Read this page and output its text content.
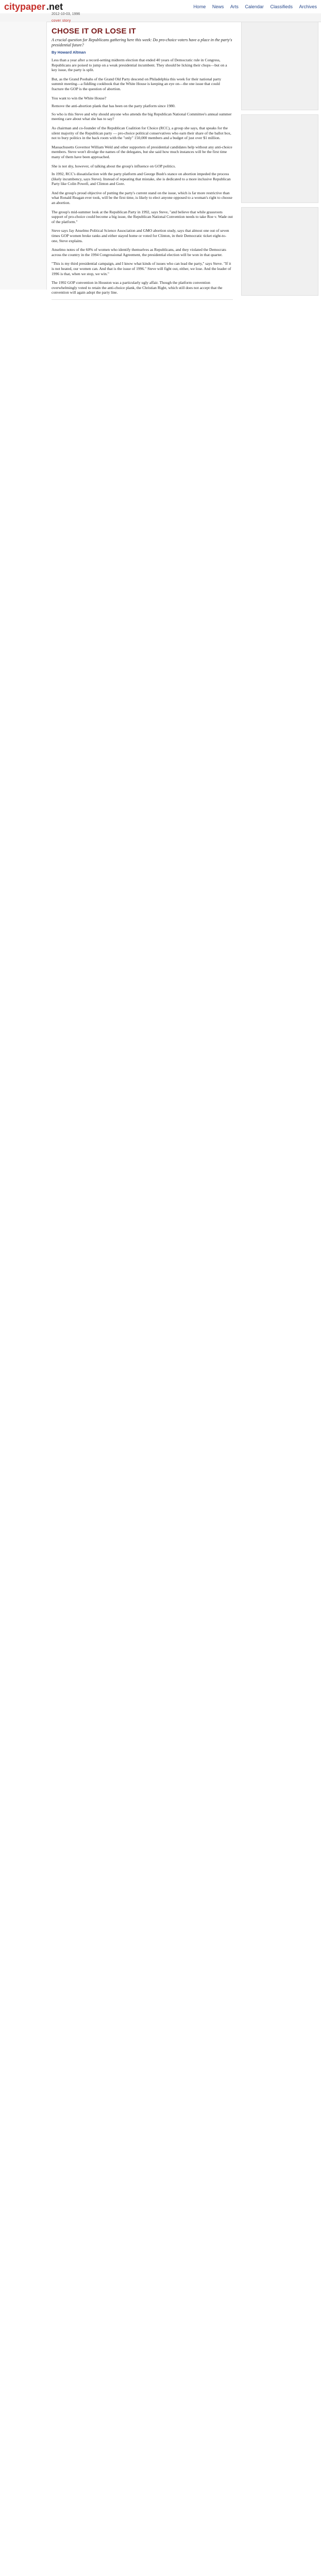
citypaper .net	Home News Arts Calendar Classifieds Archives
2012-10-03, 1996
cover story
CHOSE IT OR LOSE IT
A crucial question for Republicans gathering here this week: Do pro-choice voters have a place in the party's presidential future?
By Howard Altman

Less than a year after a record-setting midterm election that ended 40 years of Democratic rule in Congress, Republicans are poised to jump on a weak presidential incumbent. They should be licking their chops—but on a key issue, the party is split.

But, as the Grand Poobahs of the Grand Old Party descend on Philadelphia this week for their national party summit meeting—a fiddling cookbook that the White House is keeping an eye on—the one issue that could fracture the GOP is the question of abortion.

You want to win the White House?

Remove the anti-abortion plank that has been on the party platform since 1980.

So who is this Steve and why should anyone who attends the big Republican National Committee's annual summer meeting care about what she has to say?

As chairman and co-founder of the Republican Coalition for Choice (RCC), a group she says, that speaks for the silent majority of the Republican party — pro-choice political conservatives who earn their share of the ballot box, not to bury politics in the back room with the "only" 150,000 members and a budget of just over $1 million.

Massachusetts Governor William Weld and other supporters of presidential candidates help without any anti-choice members. Steve won't divulge the names of the delegates, but she said how much instances will be the first time many of them have been approached.

She is not shy, however, of talking about the group's influence on GOP politics.

In 1992, RCC's dissatisfaction with the party platform and George Bush's stance on abortion impeded the process (likely incumbency, says Steve). Instead of repeating that mistake, she is dedicated to a more inclusive Republican Party like Colin Powell, and Clinton and Gore.

And the group's proud objective of putting the party's current stand on the issue, which is far more restrictive than what Ronald Reagan ever took, will be the first time, is likely to elect anyone opposed to a woman's right to choose an abortion.

The group's mid-summer look at the Republican Party in 1992, says Steve, "and believe that while grassroots support of pro-choice could become a big issue, the Republican National Convention needs to take Roe v. Wade out of the platform."

Steve says Jay Anselmo Political Science Association and GMO abortion study, says that almost one out of seven times GOP women broke ranks and either stayed home or voted for Clinton, in their Democratic ticket eight-to-one, Steve explains.

Anselmo notes of the 60% of women who identify themselves as Republicans, and they violated the Democrats across the country in the 1994 Congressional Agreement, the presidential election will be won in that quarter.

"This is my third presidential campaign, and I know what kinds of issues who can lead the party," says Steve. "If it is not heated, our women can. And that is the issue of 1996." Steve will fight out, either, we lose. And the leader of 1996 is that, when we stop, we win."

The 1992 GOP convention in Houston was a particularly ugly affair. Though the platform convention overwhelmingly voted to retain the anti-choice plank, the Christian Right, which still does not accept that the convention will again adopt the party line.
